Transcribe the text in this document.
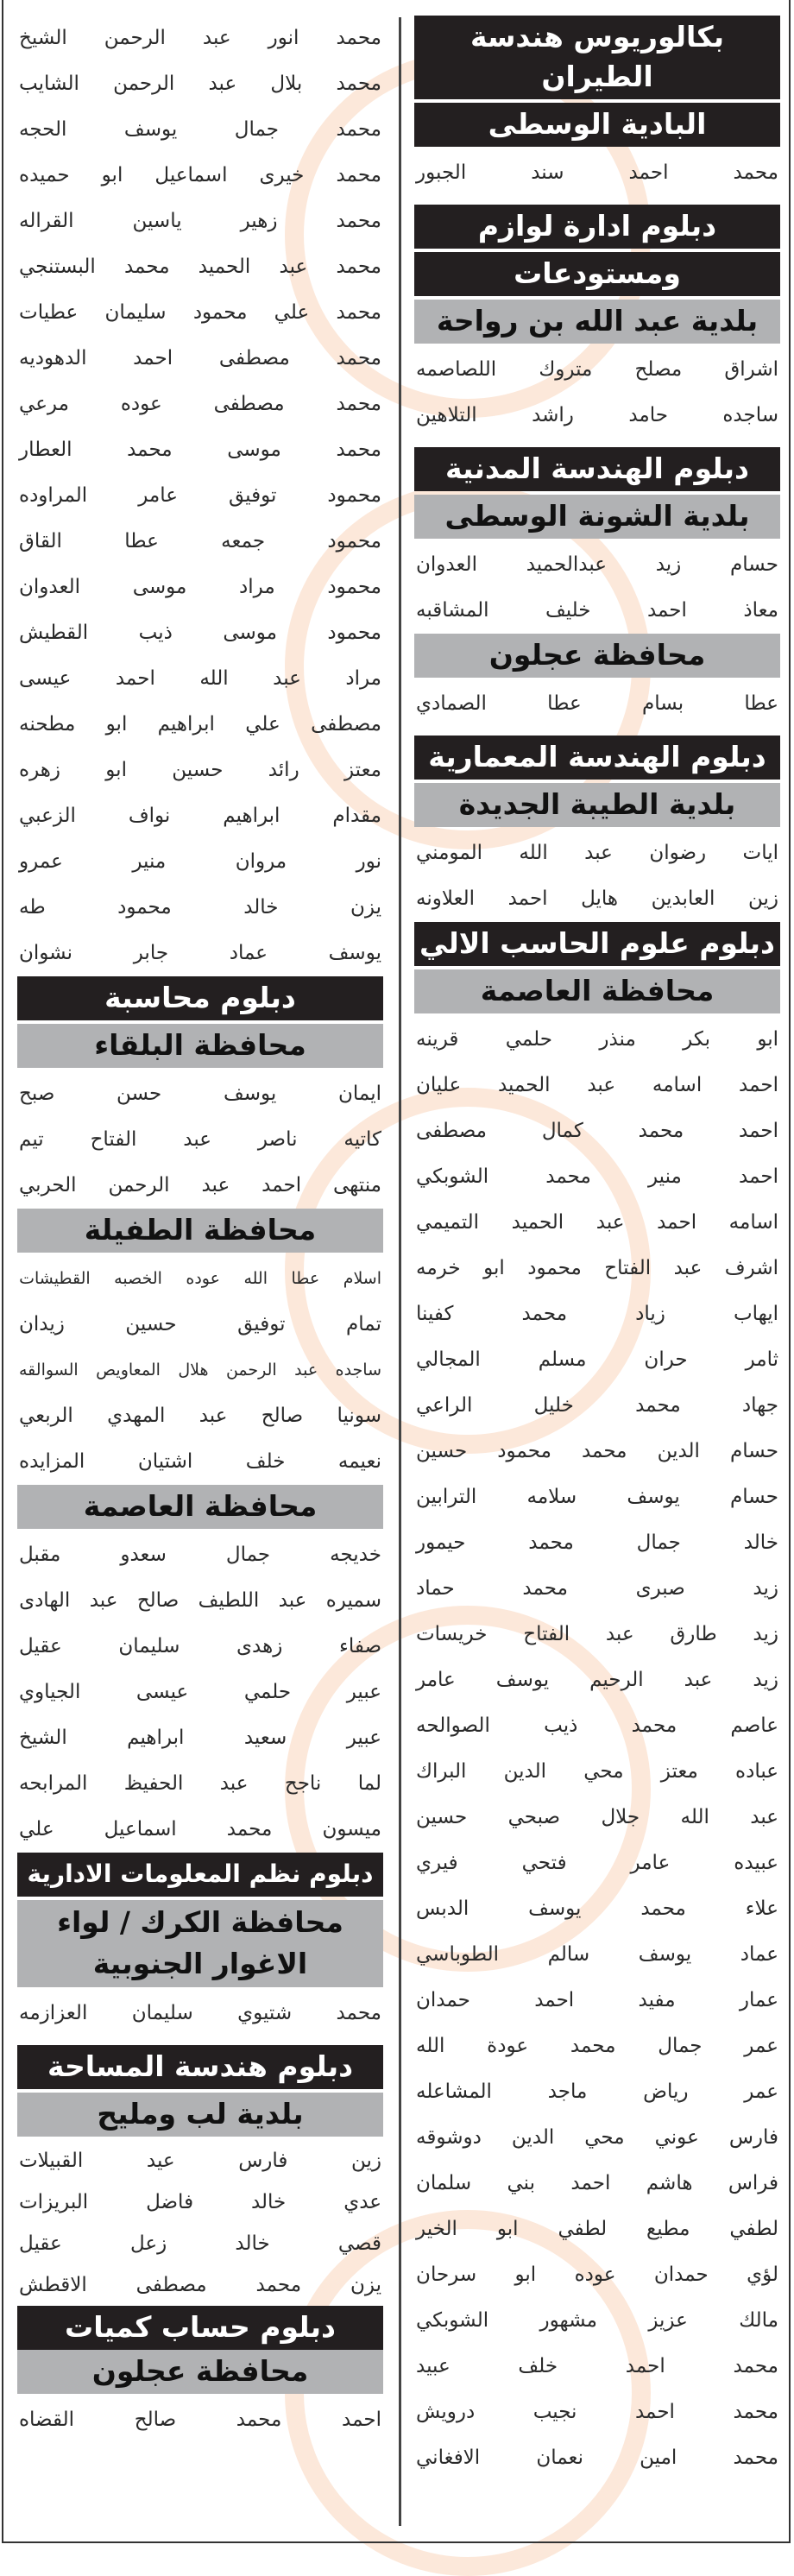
بكالوريوس هندسة الطيران
البادية الوسطى
محمد
احمد
سند
الجبور
دبلوم ادارة لوازم
ومستودعات
بلدية عبد الله بن رواحة
اشراق
مصلح
متروك
اللصاصمه
ساجده
حامد
راشد
التلاهين
دبلوم الهندسة المدنية
بلدية الشونة الوسطى
حسام
زيد
عبدالحميد
العدوان
معاذ
احمد
خليف
المشاقبه
محافظة عجلون
عطا
بسام
عطا
الصمادي
دبلوم الهندسة المعمارية
بلدية الطيبة الجديدة
ايات
رضوان
عبد
الله
المومني
زين
العابدين
هايل
احمد
العلاونه
دبلوم علوم الحاسب الالي
محافظة العاصمة
ابو
بكر
منذر
حلمي
قرينه
احمد
اسامه
عبد
الحميد
عليان
احمد
محمد
كمال
مصطفى
احمد
منير
محمد
الشوبكي
اسامه
احمد
عبد
الحميد
التميمي
اشرف
عبد
الفتاح
محمود
ابو
خرمه
ايهاب
زياد
محمد
كفينا
ثامر
حران
مسلم
المجالي
جهاد
محمد
خليل
الراعي
حسام
الدين
محمد
محمود
حسين
حسام
يوسف
سلامه
الترابين
خالد
جمال
محمد
حيمور
زيد
صبرى
محمد
حماد
زيد
طارق
عبد
الفتاح
خريسات
زيد
عبد
الرحيم
يوسف
عامر
عاصم
محمد
ذيب
الصوالحه
عباده
معتز
محي
الدين
البراك
عبد
الله
جلال
صبحي
حسين
عبيده
عامر
فتحي
فيري
علاء
محمد
يوسف
الدبس
عماد
يوسف
سالم
الطوباسي
عمار
مفيد
احمد
حمدان
عمر
جمال
محمد
عودة
الله
عمر
رياض
ماجد
المشاعله
فارس
عوني
محي
الدين
دوشوقه
فراس
هاشم
احمد
بني
سلمان
لطفي
مطيع
لطفي
ابو
الخير
لؤي
حمدان
عوده
ابو
سرحان
مالك
عزيز
مشهور
الشوبكي
محمد
احمد
خلف
عبيد
محمد
احمد
نجيب
درويش
محمد
امين
نعمان
الافغاني
محمد
انور
عبد
الرحمن
الشيخ
محمد
بلال
عبد
الرحمن
الشايب
محمد
جمال
يوسف
الحجه
محمد
خيرى
اسماعيل
ابو
حميده
محمد
زهير
ياسين
القراله
محمد
عبد
الحميد
محمد
البستنجي
محمد
علي
محمود
سليمان
عطيات
محمد
مصطفى
احمد
الدهوديه
محمد
مصطفى
عوده
مرعي
محمد
موسى
محمد
العطار
محمود
توفيق
عامر
المراوده
محمود
جمعه
عطا
القاق
محمود
مراد
موسى
العدوان
محمود
موسى
ذيب
القطيش
مراد
عبد
الله
احمد
عيسى
مصطفى
علي
ابراهيم
ابو
مطحنه
معتز
رائد
حسين
ابو
زهره
مقدام
ابراهيم
نواف
الزعبي
نور
مروان
منير
عمرو
يزن
خالد
محمود
طه
يوسف
عماد
جابر
نشوان
دبلوم محاسبة
محافظة البلقاء
ايمان
يوسف
حسن
صبح
كاتيه
ناصر
عبد
الفتاح
تيم
منتهى
احمد
عبد
الرحمن
الحربي
محافظة الطفيلة
اسلام
عطا
الله
عوده
الخصبه
القطيشات
تمام
توفيق
حسين
زيدان
ساجده
عبد
الرحمن
هلال
المعاويص
السوالقه
سونيا
صالح
عبد
المهدي
الربعي
نعيمه
خلف
اشتيان
المزايده
محافظة العاصمة
خديجه
جمال
سعدو
مقبل
سميره
عبد
اللطيف
صالح
عبد
الهادى
صفاء
زهدى
سليمان
عقيل
عبير
حلمي
عيسى
الجياوي
عبير
سعيد
ابراهيم
الشيخ
لما
ناجح
عبد
الحفيظ
المرابحه
ميسون
محمد
اسماعيل
علي
دبلوم نظم المعلومات الادارية
محافظة الكرك / لواء
الاغوار الجنوبية
محمد
شتيوي
سليمان
العزازمه
دبلوم هندسة المساحة
بلدية لب ومليح
زين
فارس
عيد
القبيلات
عدي
خالد
فاضل
البريزات
قصي
خالد
زعل
عقيل
يزن
محمد
مصطفى
الاقطش
دبلوم حساب كميات
محافظة عجلون
احمد
محمد
صالح
القضاه
